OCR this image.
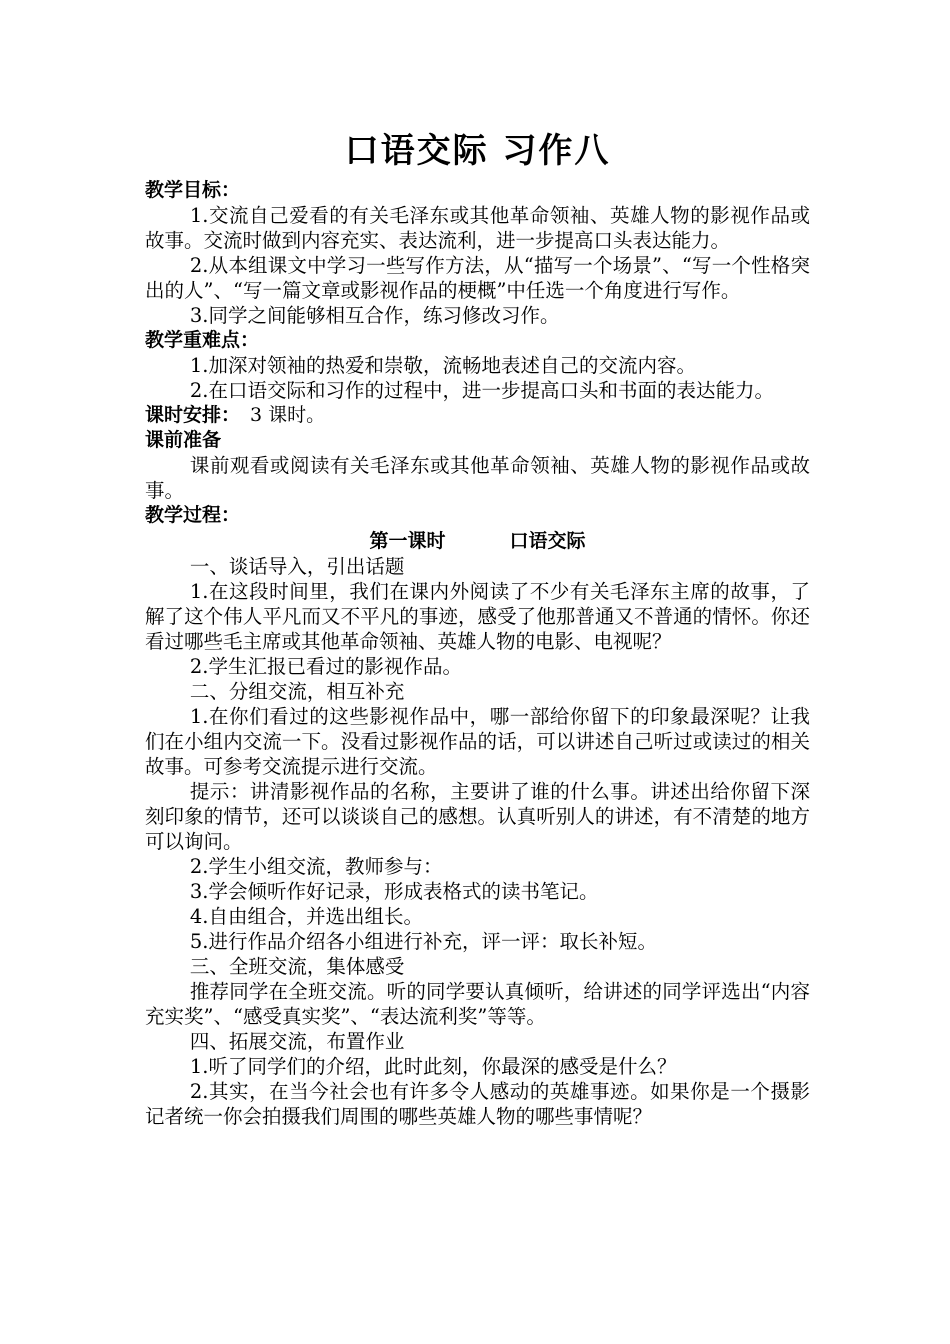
口语交际 习作八
教学目标：

1.交流自己爱看的有关毛泽东或其他革命领袖、英雄人物的影视作品或故事。交流时做到内容充实、表达流利，进一步提高口头表达能力。

2.从本组课文中学习一些写作方法，从“描写一个场景”、“写一个性格突出的人”、“写一篇文章或影视作品的梗概”中任选一个角度进行写作。

3.同学之间能够相互合作，练习修改习作。

教学重难点：

1.加深对领袖的热爱和崇敬，流畅地表述自己的交流内容。

2.在口语交际和习作的过程中，进一步提高口头和书面的表达能力。

课时安排： 3 课时。
课前准备

课前观看或阅读有关毛泽东或其他革命领袖、英雄人物的影视作品或故事。

教学过程：
第一课时	口语交际

一、谈话导入，引出话题

1.在这段时间里，我们在课内外阅读了不少有关毛泽东主席的故事，了解了这个伟人平凡而又不平凡的事迹，感受了他那普通又不普通的情怀。你还看过哪些毛主席或其他革命领袖、英雄人物的电影、电视呢？

2.学生汇报已看过的影视作品。

二、分组交流，相互补充

1.在你们看过的这些影视作品中，哪一部给你留下的印象最深呢？让我们在小组内交流一下。没看过影视作品的话，可以讲述自己听过或读过的相关故事。可参考交流提示进行交流。

提示：讲清影视作品的名称，主要讲了谁的什么事。讲述出给你留下深刻印象的情节，还可以谈谈自己的感想。认真听别人的讲述，有不清楚的地方可以询问。

2.学生小组交流，教师参与：

3.学会倾听作好记录，形成表格式的读书笔记。

4.自由组合，并选出组长。

5.进行作品介绍各小组进行补充，评一评：取长补短。

三、全班交流，集体感受

推荐同学在全班交流。听的同学要认真倾听，给讲述的同学评选出“内容充实奖”、“感受真实奖”、“表达流利奖”等等。

四、拓展交流，布置作业

1.听了同学们的介绍，此时此刻，你最深的感受是什么？

2.其实，在当今社会也有许多令人感动的英雄事迹。如果你是一个摄影记者统一你会拍摄我们周围的哪些英雄人物的哪些事情呢？
